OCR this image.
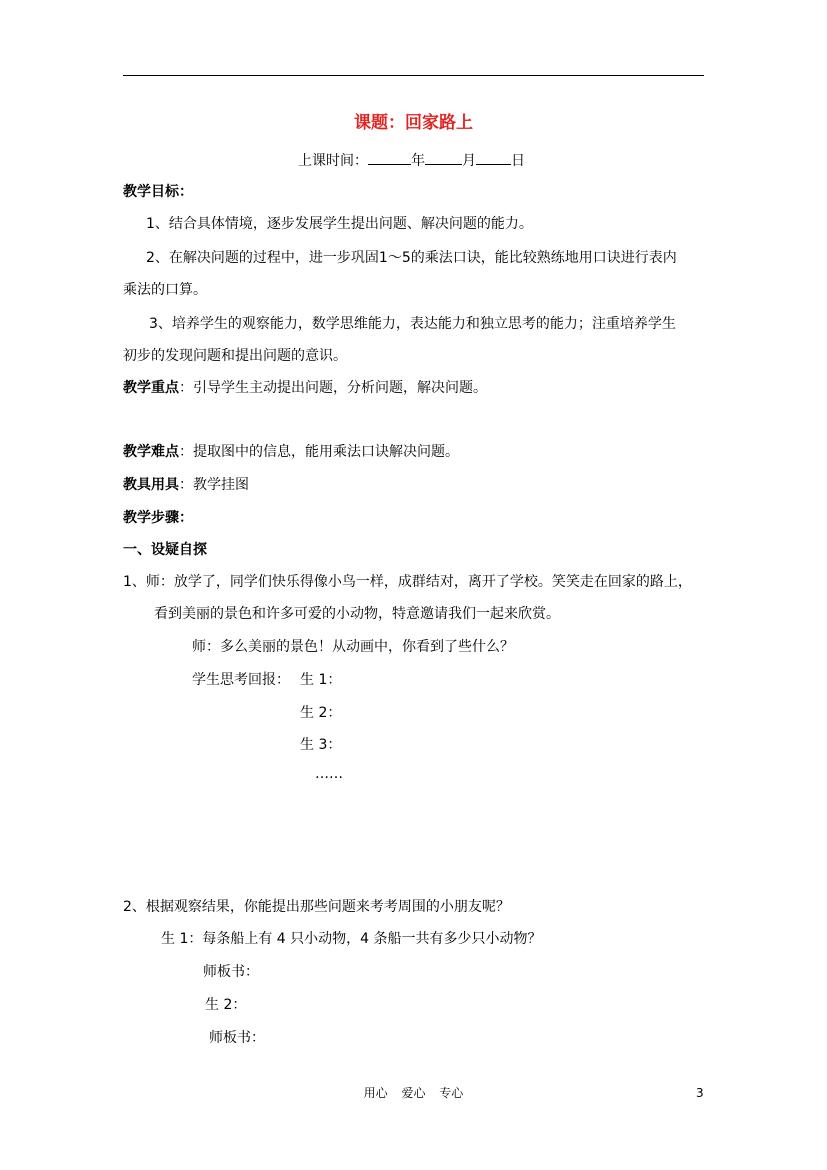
课题：回家路上
上课时间：	年	月	日
教学目标：
1、结合具体情境，逐步发展学生提出问题、解决问题的能力。
2、在解决问题的过程中，进一步巩固1～5的乘法口诀，能比较熟练地用口诀进行表内
乘法的口算。
3、培养学生的观察能力，数学思维能力，表达能力和独立思考的能力；注重培养学生
初步的发现问题和提出问题的意识。
教学重点：引导学生主动提出问题，分析问题，解决问题。
教学难点：提取图中的信息，能用乘法口诀解决问题。
教具用具：教学挂图
教学步骤：
一、设疑自探
1、师：放学了，同学们快乐得像小鸟一样，成群结对，离开了学校。笑笑走在回家的路上，
看到美丽的景色和许多可爱的小动物，特意邀请我们一起来欣赏。
师：多么美丽的景色！从动画中，你看到了些什么？
学生思考回报： 生 1：
生 2：
生 3：
……
2、根据观察结果，你能提出那些问题来考考周围的小朋友呢？
生 1：每条船上有 4 只小动物，4 条船一共有多少只小动物？
师板书：
生 2：
师板书：
用心 爱心 专心	3
